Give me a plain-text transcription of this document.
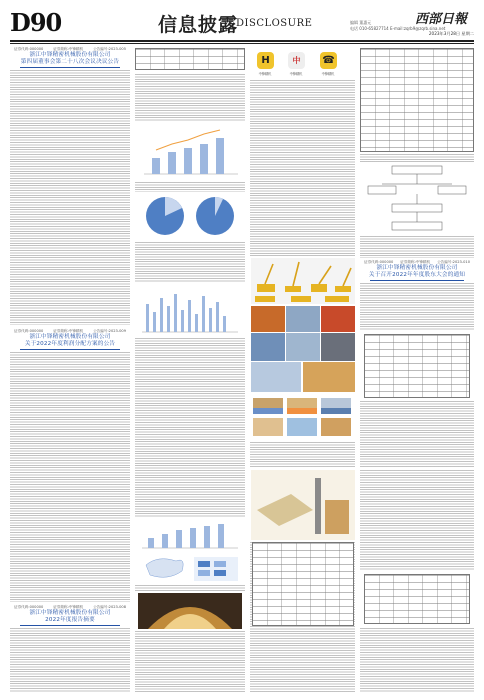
D90	信息披露
DISCLOSURE	西部日報
编辑 董惠元
电话 010-65827714 E-mail:zqrb9@zqrb.sina.net
2023年3月28日 星期二
证券代码:000000	证券简称:中锋精机	公告编号:2023-005
浙江中锋精密机械股份有限公司
第四届董事会第二十八次会议决议公告
证券代码:000000	证券简称:中锋精机	公告编号:2023-009
浙江中锋精密机械股份有限公司
关于2022年度利润分配方案的公告
证券代码:000000	证券简称:中锋精机	公告编号:2023-008
浙江中锋精密机械股份有限公司
2022年度报告摘要
H	中	☎
中锋精机	中锋精机	中锋精机
证券代码:000000 证券简称:中锋精机 公告编号:2023-010
浙江中锋精密机械股份有限公司
关于召开2022年年度股东大会的通知
